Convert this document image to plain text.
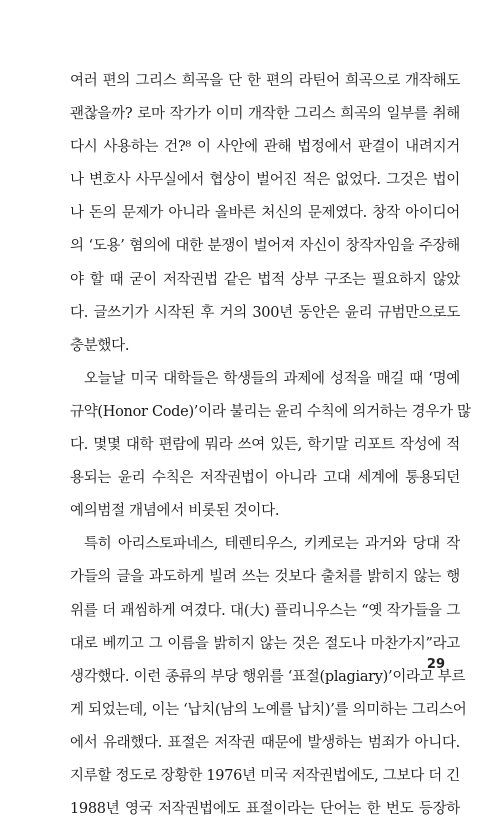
여러 편의 그리스 희곡을 단 한 편의 라틴어 희곡으로 개작해도
괜찮을까? 로마 작가가 이미 개작한 그리스 희곡의 일부를 취해
다시 사용하는 건?⁸ 이 사안에 관해 법정에서 판결이 내려지거
나 변호사 사무실에서 협상이 벌어진 적은 없었다. 그것은 법이
나 돈의 문제가 아니라 올바른 처신의 문제였다. 창작 아이디어
의 ‘도용’ 혐의에 대한 분쟁이 벌어져 자신이 창작자임을 주장해
야 할 때 굳이 저작권법 같은 법적 상부 구조는 필요하지 않았
다. 글쓰기가 시작된 후 거의 300년 동안은 윤리 규범만으로도
충분했다.
오늘날 미국 대학들은 학생들의 과제에 성적을 매길 때 ‘명예
규약(Honor Code)’이라 불리는 윤리 수칙에 의거하는 경우가 많
다. 몇몇 대학 편람에 뭐라 쓰여 있든, 학기말 리포트 작성에 적
용되는 윤리 수칙은 저작권법이 아니라 고대 세계에 통용되던
예의범절 개념에서 비롯된 것이다.
특히 아리스토파네스, 테렌티우스, 키케로는 과거와 당대 작
가들의 글을 과도하게 빌려 쓰는 것보다 출처를 밝히지 않는 행
위를 더 괘씸하게 여겼다. 대(大) 플리니우스는 “옛 작가들을 그
대로 베끼고 그 이름을 밝히지 않는 것은 절도나 마찬가지”라고
생각했다. 이런 종류의 부당 행위를 ‘표절(plagiary)’이라고 부르
게 되었는데, 이는 ‘납치(남의 노예를 납치)’를 의미하는 그리스어
에서 유래했다. 표절은 저작권 때문에 발생하는 범죄가 아니다.
지루할 정도로 장황한 1976년 미국 저작권법에도, 그보다 더 긴
1988년 영국 저작권법에도 표절이라는 단어는 한 번도 등장하
29
